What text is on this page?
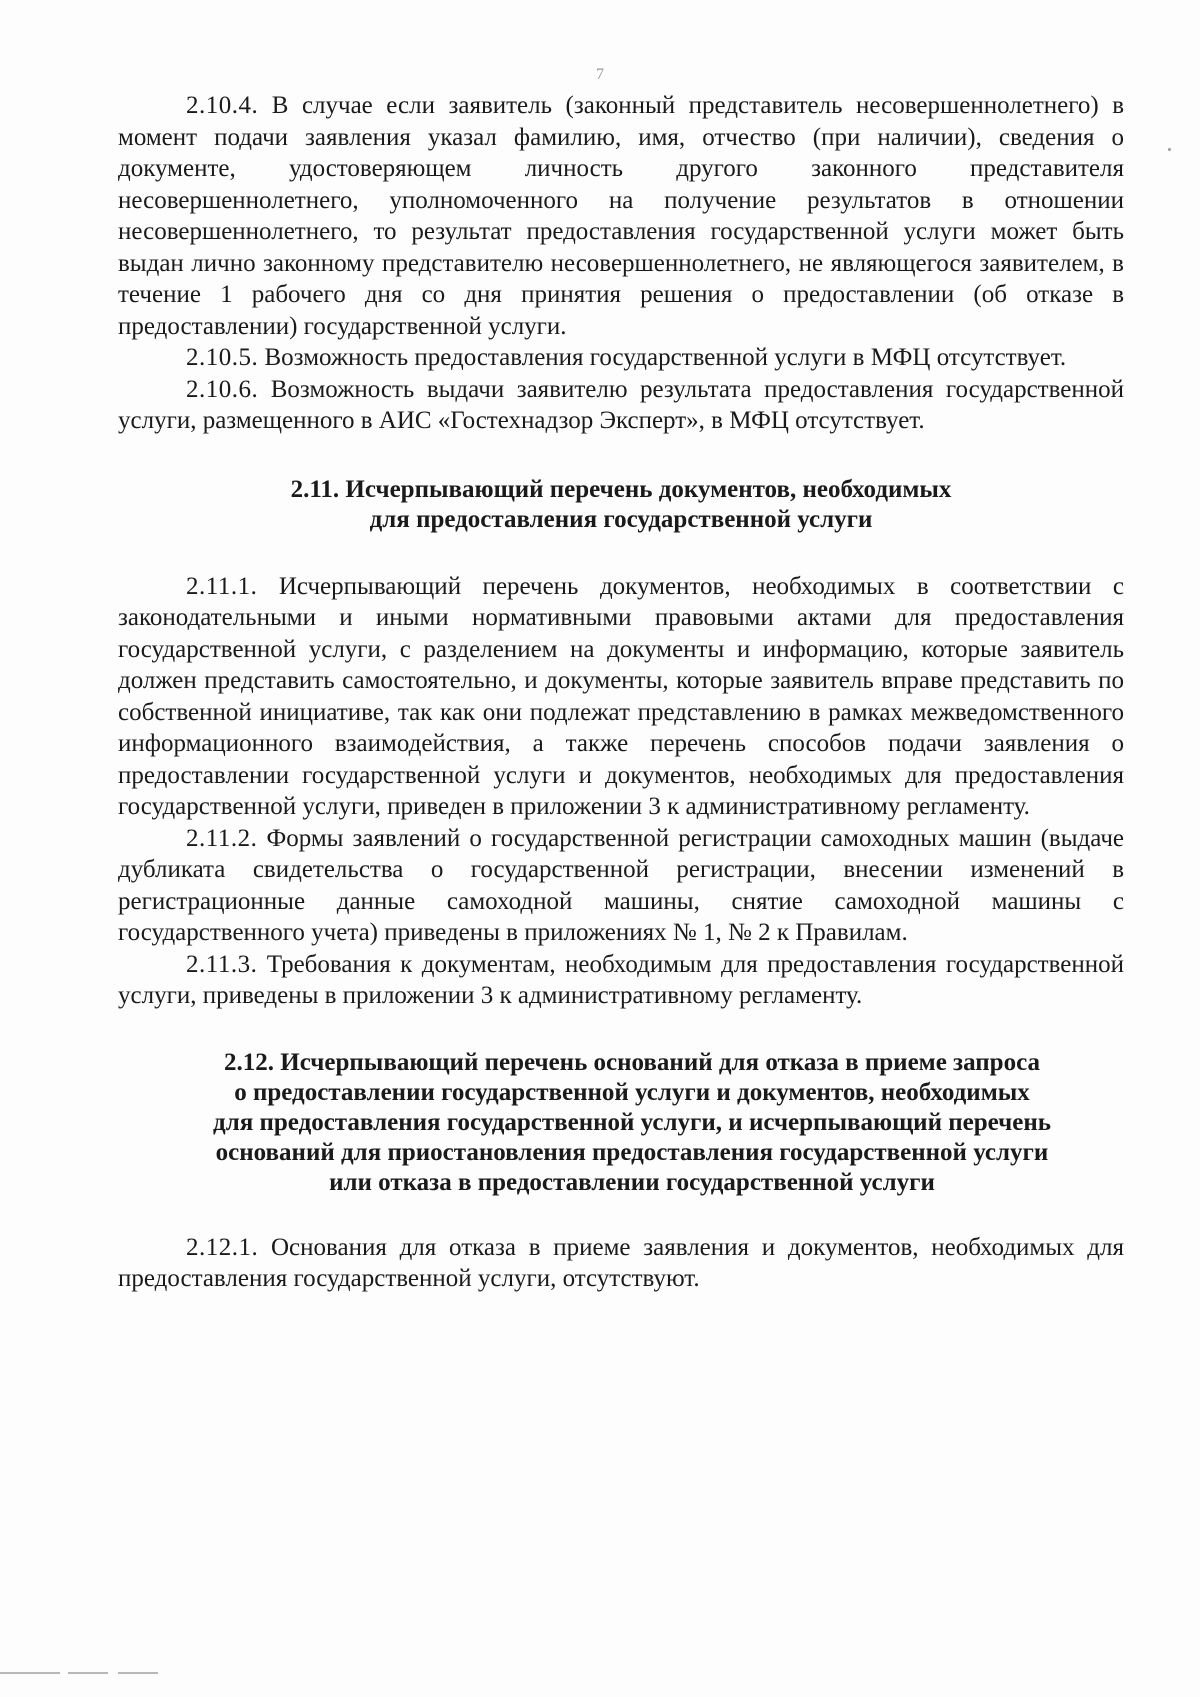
7

2.10.4. В случае если заявитель (законный представитель несовершеннолетнего) в момент подачи заявления указал фамилию, имя, отчество (при наличии), сведения о документе, удостоверяющем личность другого законного представителя несовершеннолетнего, уполномоченного на получение результатов в отношении несовершеннолетнего, то результат предоставления государственной услуги может быть выдан лично законному представителю несовершеннолетнего, не являющегося заявителем, в течение 1 рабочего дня со дня принятия решения о предоставлении (об отказе в предоставлении) государственной услуги.

2.10.5. Возможность предоставления государственной услуги в МФЦ отсутствует.

2.10.6. Возможность выдачи заявителю результата предоставления государственной услуги, размещенного в АИС «Гостехнадзор Эксперт», в МФЦ отсутствует.

2.11. Исчерпывающий перечень документов, необходимых
для предоставления государственной услуги

2.11.1. Исчерпывающий перечень документов, необходимых в соответствии с законодательными и иными нормативными правовыми актами для предоставления государственной услуги, с разделением на документы и информацию, которые заявитель должен представить самостоятельно, и документы, которые заявитель вправе представить по собственной инициативе, так как они подлежат представлению в рамках межведомственного информационного взаимодействия, а также перечень способов подачи заявления о предоставлении государственной услуги и документов, необходимых для предоставления государственной услуги, приведен в приложении 3 к административному регламенту.

2.11.2. Формы заявлений о государственной регистрации самоходных машин (выдаче дубликата свидетельства о государственной регистрации, внесении изменений в регистрационные данные самоходной машины, снятие самоходной машины с государственного учета) приведены в приложениях № 1, № 2 к Правилам.

2.11.3. Требования к документам, необходимым для предоставления государственной услуги, приведены в приложении 3 к административному регламенту.

2.12. Исчерпывающий перечень оснований для отказа в приеме запроса
о предоставлении государственной услуги и документов, необходимых
для предоставления государственной услуги, и исчерпывающий перечень
оснований для приостановления предоставления государственной услуги
или отказа в предоставлении государственной услуги

2.12.1. Основания для отказа в приеме заявления и документов, необходимых для предоставления государственной услуги, отсутствуют.
